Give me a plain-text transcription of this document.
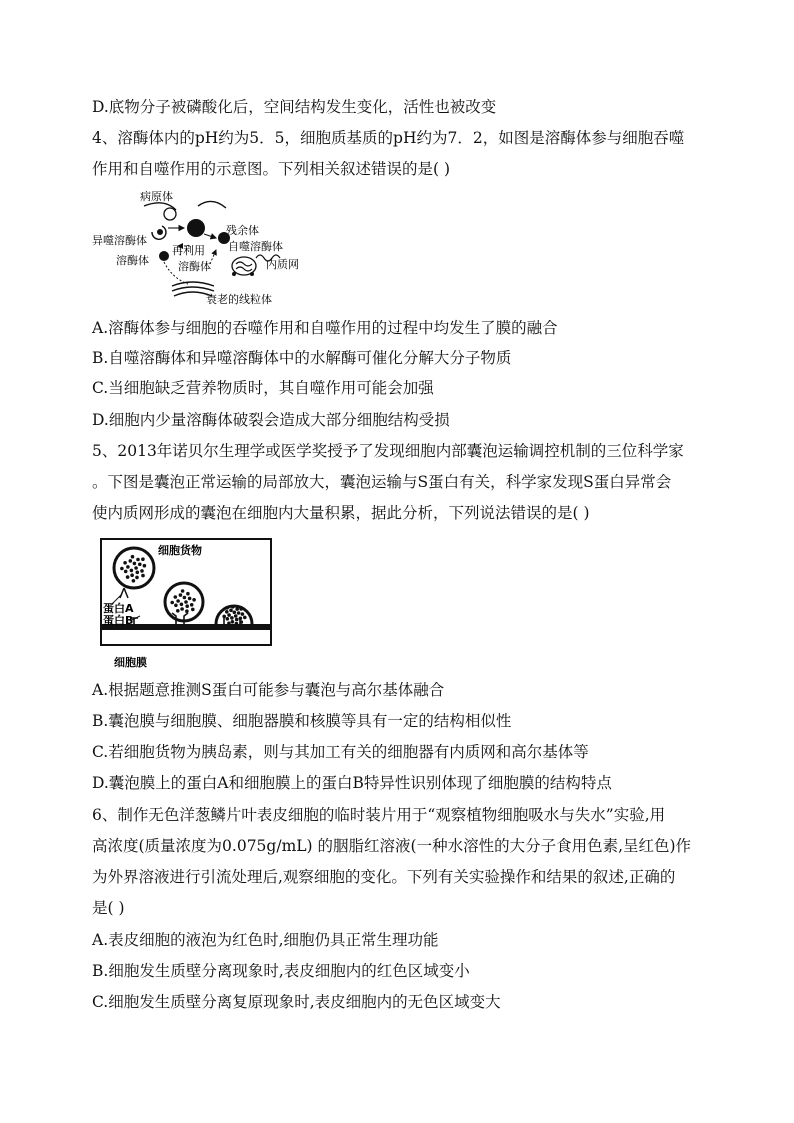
D.底物分子被磷酸化后，空间结构发生变化，活性也被改变
4、溶酶体内的pH约为5．5，细胞质基质的pH约为7．2，如图是溶酶体参与细胞吞噬
作用和自噬作用的示意图。下列相关叙述错误的是( )
病原体
异噬溶酶体
再利用
残余体
自噬溶酶体
溶酶体	溶酶体	内质网
衰老的线粒体
A.溶酶体参与细胞的吞噬作用和自噬作用的过程中均发生了膜的融合
B.自噬溶酶体和异噬溶酶体中的水解酶可催化分解大分子物质
C.当细胞缺乏营养物质时，其自噬作用可能会加强
D.细胞内少量溶酶体破裂会造成大部分细胞结构受损
5、2013年诺贝尔生理学或医学奖授予了发现细胞内部囊泡运输调控机制的三位科学家
。下图是囊泡正常运输的局部放大，囊泡运输与S蛋白有关，科学家发现S蛋白异常会
使内质网形成的囊泡在细胞内大量积累，据此分析，下列说法错误的是( )
细胞货物
蛋白A
蛋白B
细胞膜
A.根据题意推测S蛋白可能参与囊泡与高尔基体融合
B.囊泡膜与细胞膜、细胞器膜和核膜等具有一定的结构相似性
C.若细胞货物为胰岛素，则与其加工有关的细胞器有内质网和高尔基体等
D.囊泡膜上的蛋白A和细胞膜上的蛋白B特异性识别体现了细胞膜的结构特点
6、制作无色洋葱鳞片叶表皮细胞的临时装片用于“观察植物细胞吸水与失水”实验,用
高浓度(质量浓度为0.075g/mL) 的胭脂红溶液(一种水溶性的大分子食用色素,呈红色)作
为外界溶液进行引流处理后,观察细胞的变化。下列有关实验操作和结果的叙述,正确的
是( )
A.表皮细胞的液泡为红色时,细胞仍具正常生理功能
B.细胞发生质壁分离现象时,表皮细胞内的红色区域变小
C.细胞发生质壁分离复原现象时,表皮细胞内的无色区域变大
